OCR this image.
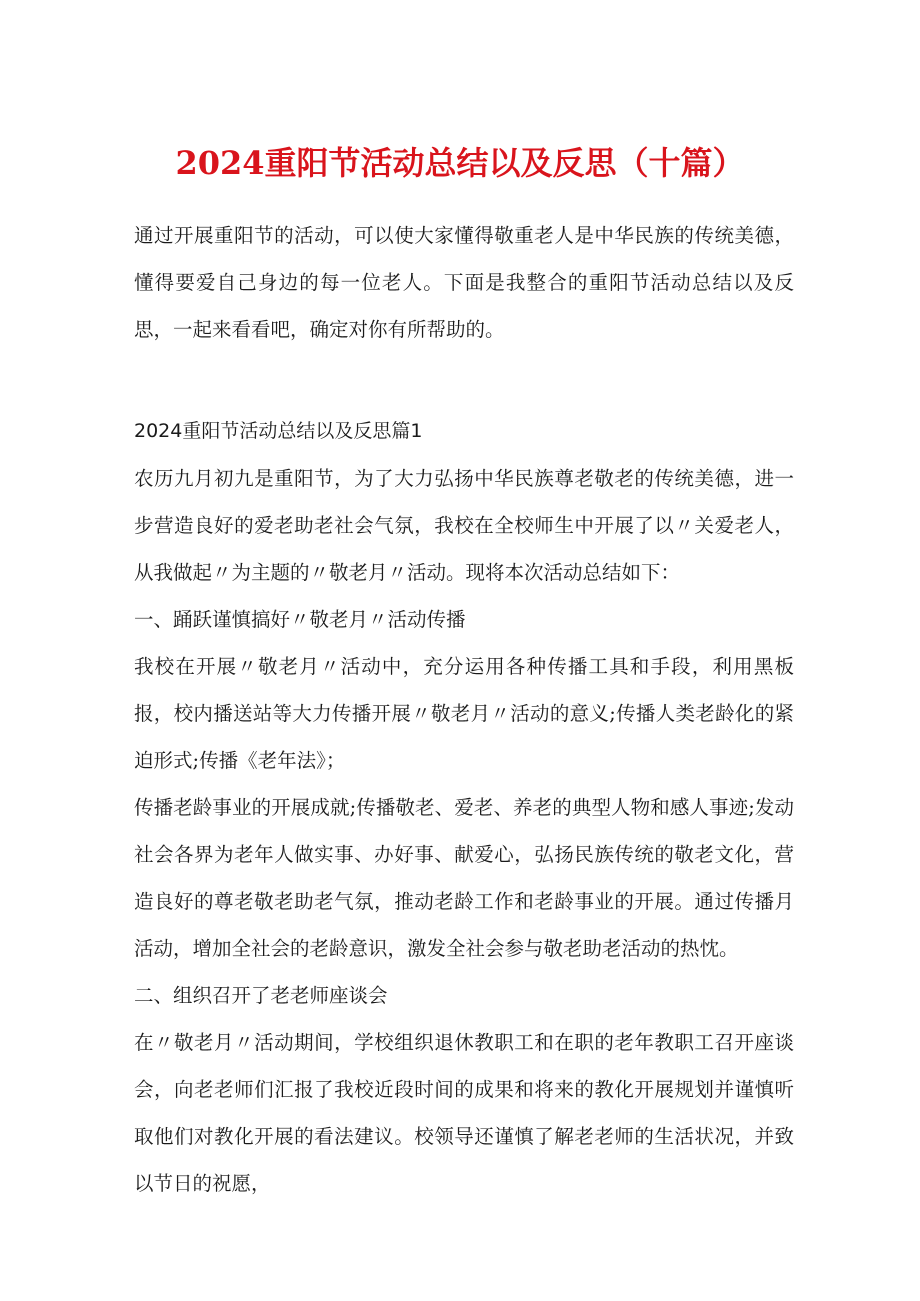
2024重阳节活动总结以及反思（十篇）

通过开展重阳节的活动，可以使大家懂得敬重老人是中华民族的传统美德，懂得要爱自己身边的每一位老人。下面是我整合的重阳节活动总结以及反思，一起来看看吧，确定对你有所帮助的。

2024重阳节活动总结以及反思篇1

农历九月初九是重阳节，为了大力弘扬中华民族尊老敬老的传统美德，进一步营造良好的爱老助老社会气氛，我校在全校师生中开展了以〃关爱老人，从我做起〃为主题的〃敬老月〃活动。现将本次活动总结如下：

一、踊跃谨慎搞好〃敬老月〃活动传播

我校在开展〃敬老月〃活动中，充分运用各种传播工具和手段，利用黑板报，校内播送站等大力传播开展〃敬老月〃活动的意义;传播人类老龄化的紧迫形式;传播《老年法》；

传播老龄事业的开展成就;传播敬老、爱老、养老的典型人物和感人事迹;发动社会各界为老年人做实事、办好事、献爱心，弘扬民族传统的敬老文化，营造良好的尊老敬老助老气氛，推动老龄工作和老龄事业的开展。通过传播月活动，增加全社会的老龄意识，激发全社会参与敬老助老活动的热忱。

二、组织召开了老老师座谈会

在〃敬老月〃活动期间，学校组织退休教职工和在职的老年教职工召开座谈会，向老老师们汇报了我校近段时间的成果和将来的教化开展规划并谨慎听取他们对教化开展的看法建议。校领导还谨慎了解老老师的生活状况，并致以节日的祝愿，
